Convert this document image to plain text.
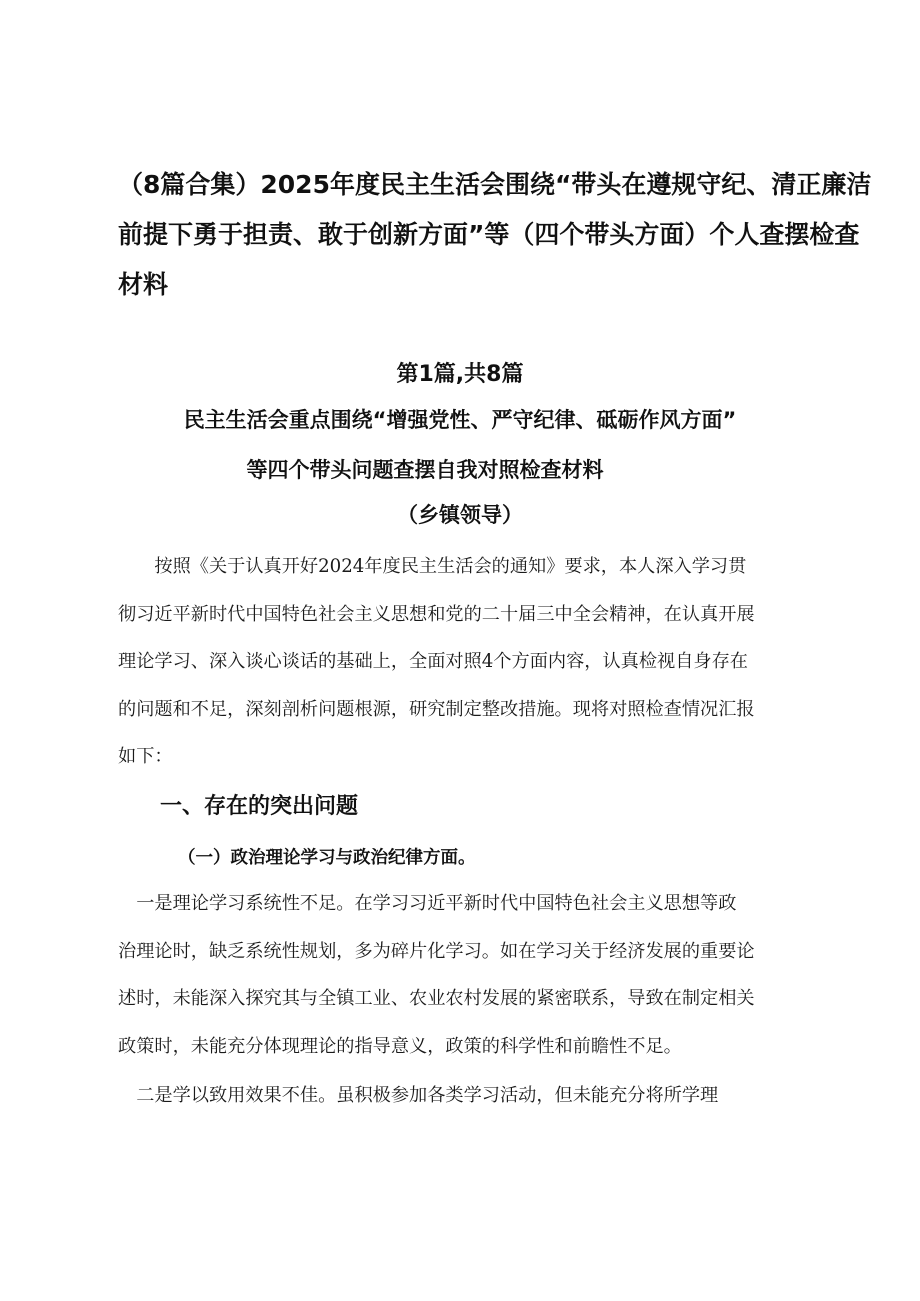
（8篇合集）2025年度民主生活会围绕“带头在遵规守纪、清正廉洁
前提下勇于担责、敢于创新方面”等（四个带头方面）个人查摆检查
材料

第1篇,共8篇

民主生活会重点围绕“增强党性、严守纪律、砥砺作风方面”
等四个带头问题查摆自我对照检查材料

（乡镇领导）

　　按照《关于认真开好2024年度民主生活会的通知》要求，本人深入学习贯
彻习近平新时代中国特色社会主义思想和党的二十届三中全会精神，在认真开展
理论学习、深入谈心谈话的基础上，全面对照4个方面内容，认真检视自身存在
的问题和不足，深刻剖析问题根源，研究制定整改措施。现将对照检查情况汇报
如下：
一、存在的突出问题
（一）政治理论学习与政治纪律方面。
　一是理论学习系统性不足。在学习习近平新时代中国特色社会主义思想等政
治理论时，缺乏系统性规划，多为碎片化学习。如在学习关于经济发展的重要论
述时，未能深入探究其与全镇工业、农业农村发展的紧密联系，导致在制定相关
政策时，未能充分体现理论的指导意义，政策的科学性和前瞻性不足。
　二是学以致用效果不佳。虽积极参加各类学习活动，但未能充分将所学理
